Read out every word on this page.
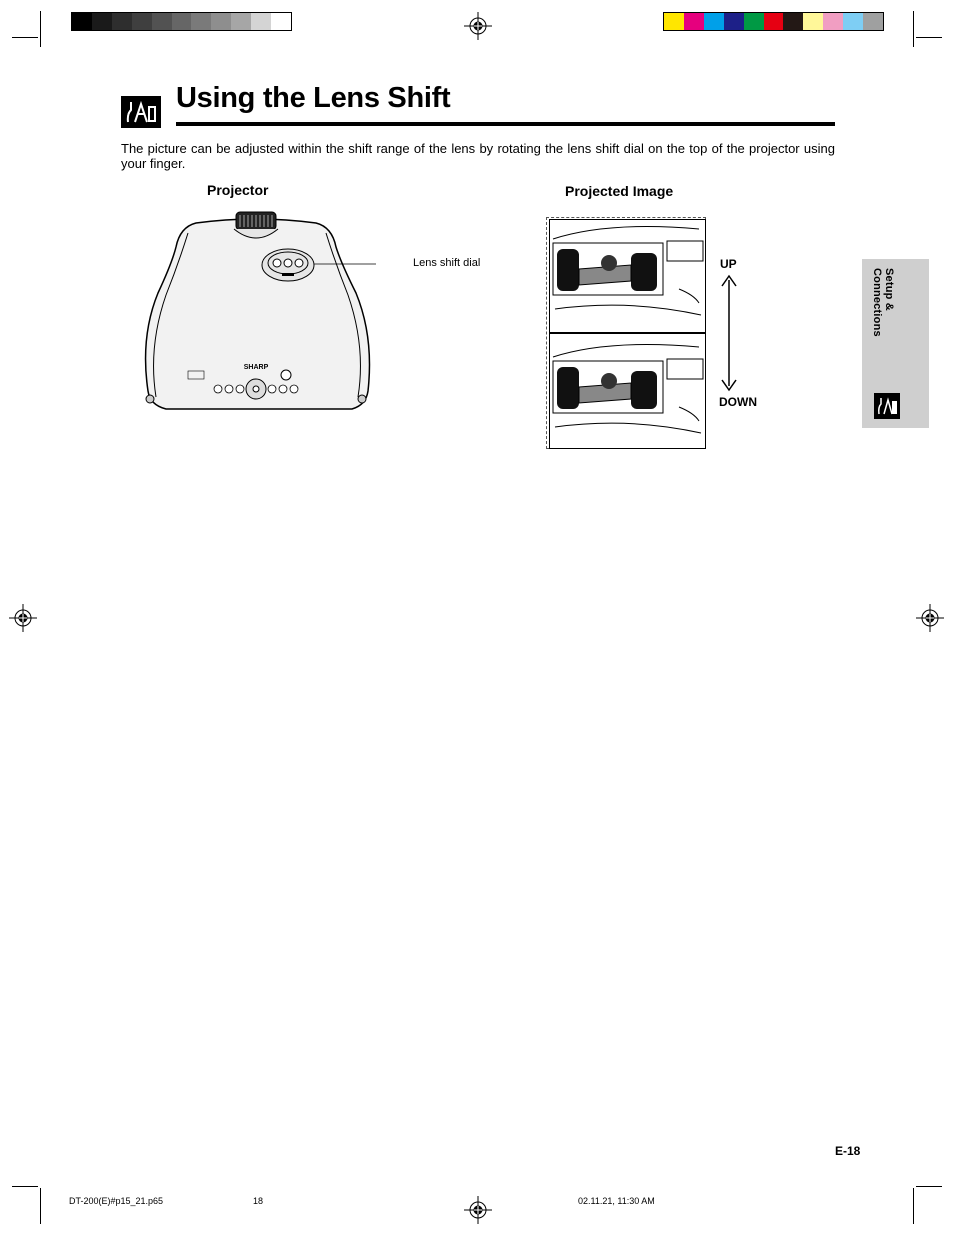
Using the Lens Shift
The picture can be adjusted within the shift range of the lens by rotating the lens shift dial on the top of the projector using your finger.
Projector	Projected Image
SHARP
Lens shift dial	UP
DOWN
Setup & Connections
E-18
DT-200(E)#p15_21.p65	18	02.11.21, 11:30 AM
